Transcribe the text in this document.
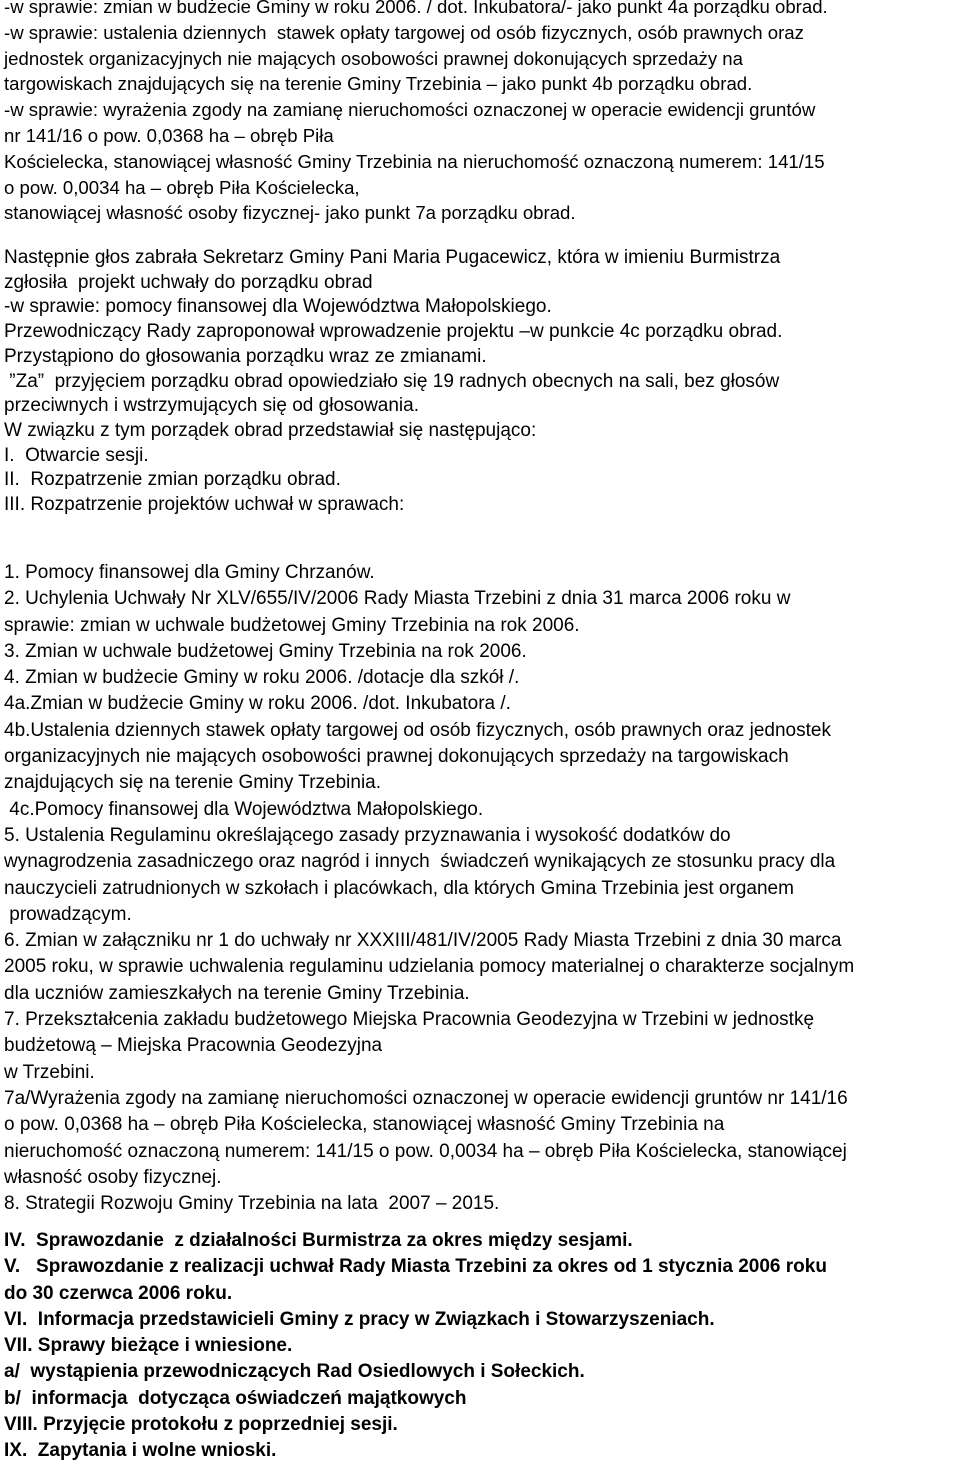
-w sprawie: zmian w budżecie Gminy w roku 2006. / dot. Inkubatora/- jako punkt 4a porządku obrad.
-w sprawie: ustalenia dziennych  stawek opłaty targowej od osób fizycznych, osób prawnych oraz
jednostek organizacyjnych nie mających osobowości prawnej dokonujących sprzedaży na
targowiskach znajdujących się na terenie Gminy Trzebinia – jako punkt 4b porządku obrad.
-w sprawie: wyrażenia zgody na zamianę nieruchomości oznaczonej w operacie ewidencji gruntów
nr 141/16 o pow. 0,0368 ha – obręb Piła
Kościelecka, stanowiącej własność Gminy Trzebinia na nieruchomość oznaczoną numerem: 141/15
o pow. 0,0034 ha – obręb Piła Kościelecka,
stanowiącej własność osoby fizycznej- jako punkt 7a porządku obrad.
Następnie głos zabrała Sekretarz Gminy Pani Maria Pugacewicz, która w imieniu Burmistrza
zgłosiła  projekt uchwały do porządku obrad
-w sprawie: pomocy finansowej dla Województwa Małopolskiego.
Przewodniczący Rady zaproponował wprowadzenie projektu –w punkcie 4c porządku obrad.
Przystąpiono do głosowania porządku wraz ze zmianami.
”Za”  przyjęciem porządku obrad opowiedziało się 19 radnych obecnych na sali, bez głosów
przeciwnych i wstrzymujących się od głosowania.
W związku z tym porządek obrad przedstawiał się następująco:
I.  Otwarcie sesji.
II.  Rozpatrzenie zmian porządku obrad.
III. Rozpatrzenie projektów uchwał w sprawach:
1. Pomocy finansowej dla Gminy Chrzanów.
2. Uchylenia Uchwały Nr XLV/655/IV/2006 Rady Miasta Trzebini z dnia 31 marca 2006 roku w
sprawie: zmian w uchwale budżetowej Gminy Trzebinia na rok 2006.
3. Zmian w uchwale budżetowej Gminy Trzebinia na rok 2006.
4. Zmian w budżecie Gminy w roku 2006. /dotacje dla szkół /.
4a.Zmian w budżecie Gminy w roku 2006. /dot. Inkubatora /.
4b.Ustalenia dziennych stawek opłaty targowej od osób fizycznych, osób prawnych oraz jednostek
organizacyjnych nie mających osobowości prawnej dokonujących sprzedaży na targowiskach
znajdujących się na terenie Gminy Trzebinia.
4c.Pomocy finansowej dla Województwa Małopolskiego.
5. Ustalenia Regulaminu określającego zasady przyznawania i wysokość dodatków do
wynagrodzenia zasadniczego oraz nagród i innych  świadczeń wynikających ze stosunku pracy dla
nauczycieli zatrudnionych w szkołach i placówkach, dla których Gmina Trzebinia jest organem
prowadzącym.
6. Zmian w załączniku nr 1 do uchwały nr XXXIII/481/IV/2005 Rady Miasta Trzebini z dnia 30 marca
2005 roku, w sprawie uchwalenia regulaminu udzielania pomocy materialnej o charakterze socjalnym
dla uczniów zamieszkałych na terenie Gminy Trzebinia.
7. Przekształcenia zakładu budżetowego Miejska Pracownia Geodezyjna w Trzebini w jednostkę
budżetową – Miejska Pracownia Geodezyjna
w Trzebini.
7a/Wyrażenia zgody na zamianę nieruchomości oznaczonej w operacie ewidencji gruntów nr 141/16
o pow. 0,0368 ha – obręb Piła Kościelecka, stanowiącej własność Gminy Trzebinia na
nieruchomość oznaczoną numerem: 141/15 o pow. 0,0034 ha – obręb Piła Kościelecka, stanowiącej
własność osoby fizycznej.
8. Strategii Rozwoju Gminy Trzebinia na lata  2007 – 2015.
IV.  Sprawozdanie  z działalności Burmistrza za okres między sesjami.
V.   Sprawozdanie z realizacji uchwał Rady Miasta Trzebini za okres od 1 stycznia 2006 roku
do 30 czerwca 2006 roku.
VI.  Informacja przedstawicieli Gminy z pracy w Związkach i Stowarzyszeniach.
VII. Sprawy bieżące i wniesione.
a/  wystąpienia przewodniczących Rad Osiedlowych i Sołeckich.
b/  informacja  dotycząca oświadczeń majątkowych
VIII. Przyjęcie protokołu z poprzedniej sesji.
IX.  Zapytania i wolne wnioski.
